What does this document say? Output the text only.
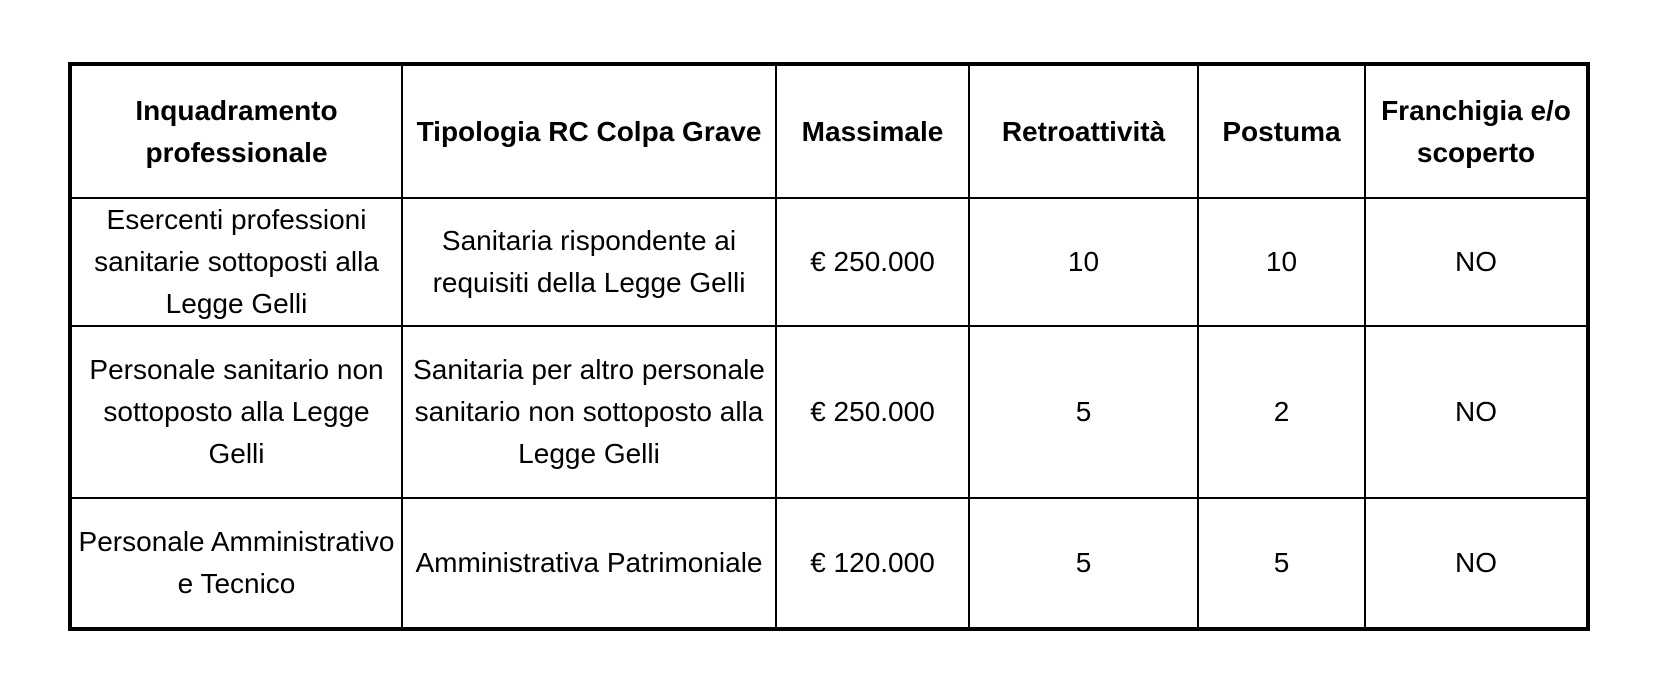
Inquadramento professionale	Tipologia RC Colpa Grave	Massimale	Retroattività	Postuma	Franchigia e/o scoperto
Esercenti professioni sanitarie sottoposti alla Legge Gelli	Sanitaria rispondente ai requisiti della Legge Gelli	€ 250.000	10	10	NO
Personale sanitario non sottoposto alla Legge Gelli	Sanitaria per altro personale sanitario non sottoposto alla Legge Gelli	€ 250.000	5	2	NO
Personale Amministrativo e Tecnico	Amministrativa Patrimoniale	€ 120.000	5	5	NO
